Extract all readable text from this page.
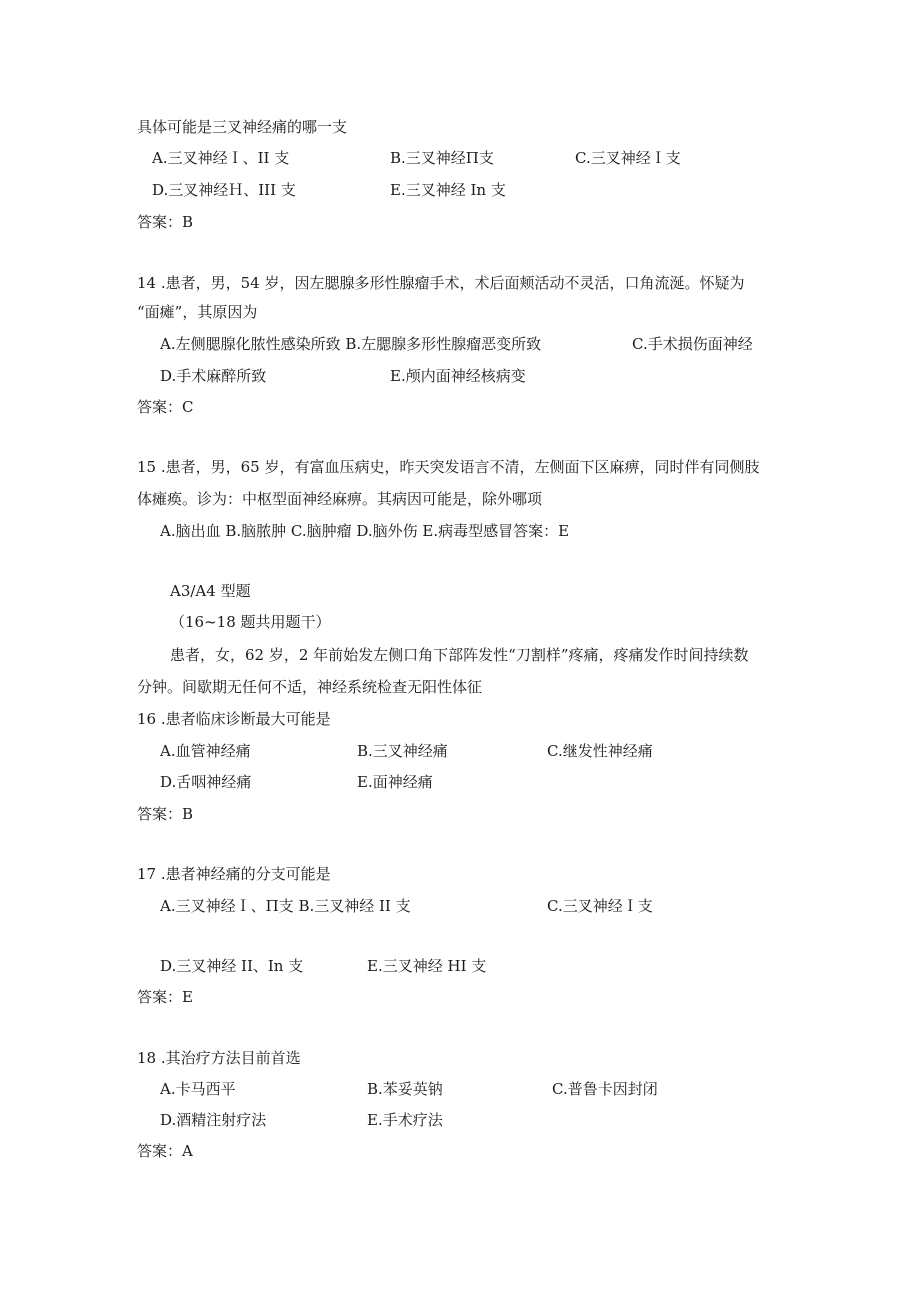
具体可能是三叉神经痛的哪一支
A.三叉神经Ｉ、II 支	B.三叉神经Π支	C.三叉神经Ｉ支
D.三叉神经Ｈ、III 支	E.三叉神经 In 支
答案：B
14 .患者，男，54 岁，因左腮腺多形性腺瘤手术，术后面颊活动不灵活，口角流涎。怀疑为
“面瘫”，其原因为
A.左侧腮腺化脓性感染所致 B.左腮腺多形性腺瘤恶变所致	C.手术损伤面神经
D.手术麻醉所致	E.颅内面神经核病变
答案：C
15 .患者，男，65 岁，有富血压病史，昨天突发语言不清，左侧面下区麻痹，同时伴有同侧肢
体瘫痪。诊为：中枢型面神经麻痹。其病因可能是，除外哪项
A.脑出血 B.脑脓肿 C.脑肿瘤 D.脑外伤 E.病毒型感冒答案：E
A3/A4 型题
（16~18 题共用题干）
患者，女，62 岁，2 年前始发左侧口角下部阵发性“刀割样”疼痛，疼痛发作时间持续数
分钟。间歇期无任何不适，神经系统检查无阳性体征
16 .患者临床诊断最大可能是
A.血管神经痛	B.三叉神经痛	C.继发性神经痛
D.舌咽神经痛	E.面神经痛
答案：B
17 .患者神经痛的分支可能是
A.三叉神经Ｉ、Π支 B.三叉神经 II 支	C.三叉神经Ｉ支
D.三叉神经 II、In 支	E.三叉神经 HI 支
答案：E
18 .其治疗方法目前首选
A.卡马西平	B.苯妥英钠	C.普鲁卡因封闭
D.酒精注射疗法	E.手术疗法
答案：A
